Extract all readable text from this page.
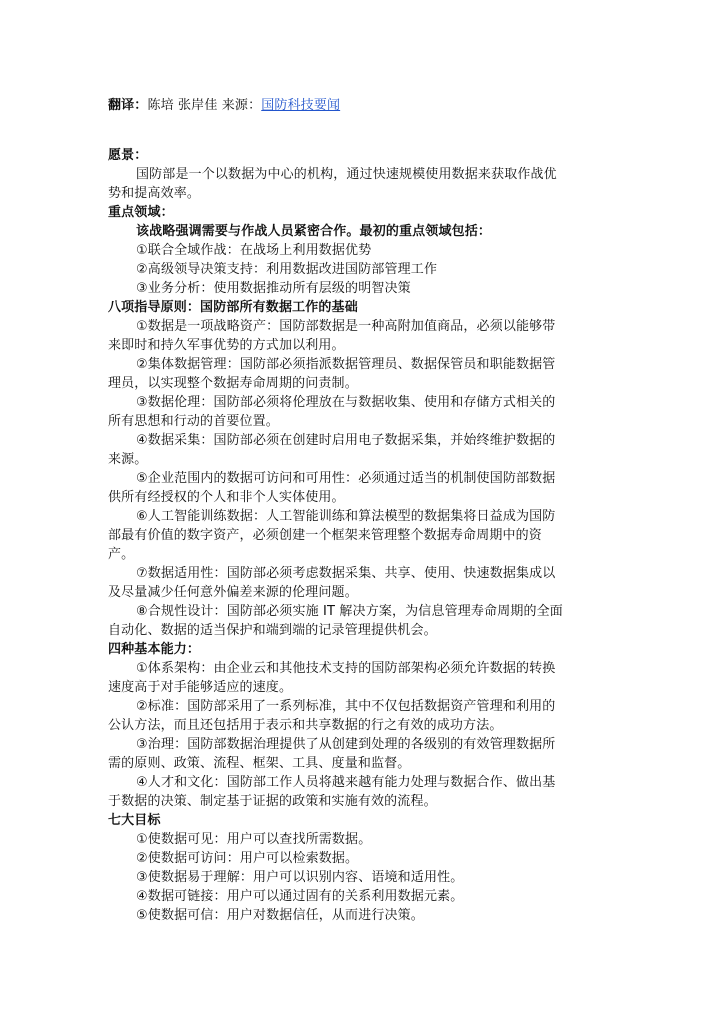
翻译：陈培 张岸佳 来源：国防科技要闻
愿景：
国防部是一个以数据为中心的机构，通过快速规模使用数据来获取作战优
势和提高效率。
重点领域：
该战略强调需要与作战人员紧密合作。最初的重点领域包括：
①联合全域作战：在战场上利用数据优势
②高级领导决策支持：利用数据改进国防部管理工作
③业务分析：使用数据推动所有层级的明智决策
八项指导原则：国防部所有数据工作的基础
①数据是一项战略资产：国防部数据是一种高附加值商品，必须以能够带
来即时和持久军事优势的方式加以利用。
②集体数据管理：国防部必须指派数据管理员、数据保管员和职能数据管
理员，以实现整个数据寿命周期的问责制。
③数据伦理：国防部必须将伦理放在与数据收集、使用和存储方式相关的
所有思想和行动的首要位置。
④数据采集：国防部必须在创建时启用电子数据采集，并始终维护数据的
来源。
⑤企业范围内的数据可访问和可用性：必须通过适当的机制使国防部数据
供所有经授权的个人和非个人实体使用。
⑥人工智能训练数据：人工智能训练和算法模型的数据集将日益成为国防
部最有价值的数字资产，必须创建一个框架来管理整个数据寿命周期中的资
产。
⑦数据适用性：国防部必须考虑数据采集、共享、使用、快速数据集成以
及尽量减少任何意外偏差来源的伦理问题。
⑧合规性设计：国防部必须实施 IT 解决方案，为信息管理寿命周期的全面
自动化、数据的适当保护和端到端的记录管理提供机会。
四种基本能力：
①体系架构：由企业云和其他技术支持的国防部架构必须允许数据的转换
速度高于对手能够适应的速度。
②标准：国防部采用了一系列标准，其中不仅包括数据资产管理和利用的
公认方法，而且还包括用于表示和共享数据的行之有效的成功方法。
③治理：国防部数据治理提供了从创建到处理的各级别的有效管理数据所
需的原则、政策、流程、框架、工具、度量和监督。
④人才和文化：国防部工作人员将越来越有能力处理与数据合作、做出基
于数据的决策、制定基于证据的政策和实施有效的流程。
七大目标
①使数据可见：用户可以查找所需数据。
②使数据可访问：用户可以检索数据。
③使数据易于理解：用户可以识别内容、语境和适用性。
④数据可链接：用户可以通过固有的关系利用数据元素。
⑤使数据可信：用户对数据信任，从而进行决策。
